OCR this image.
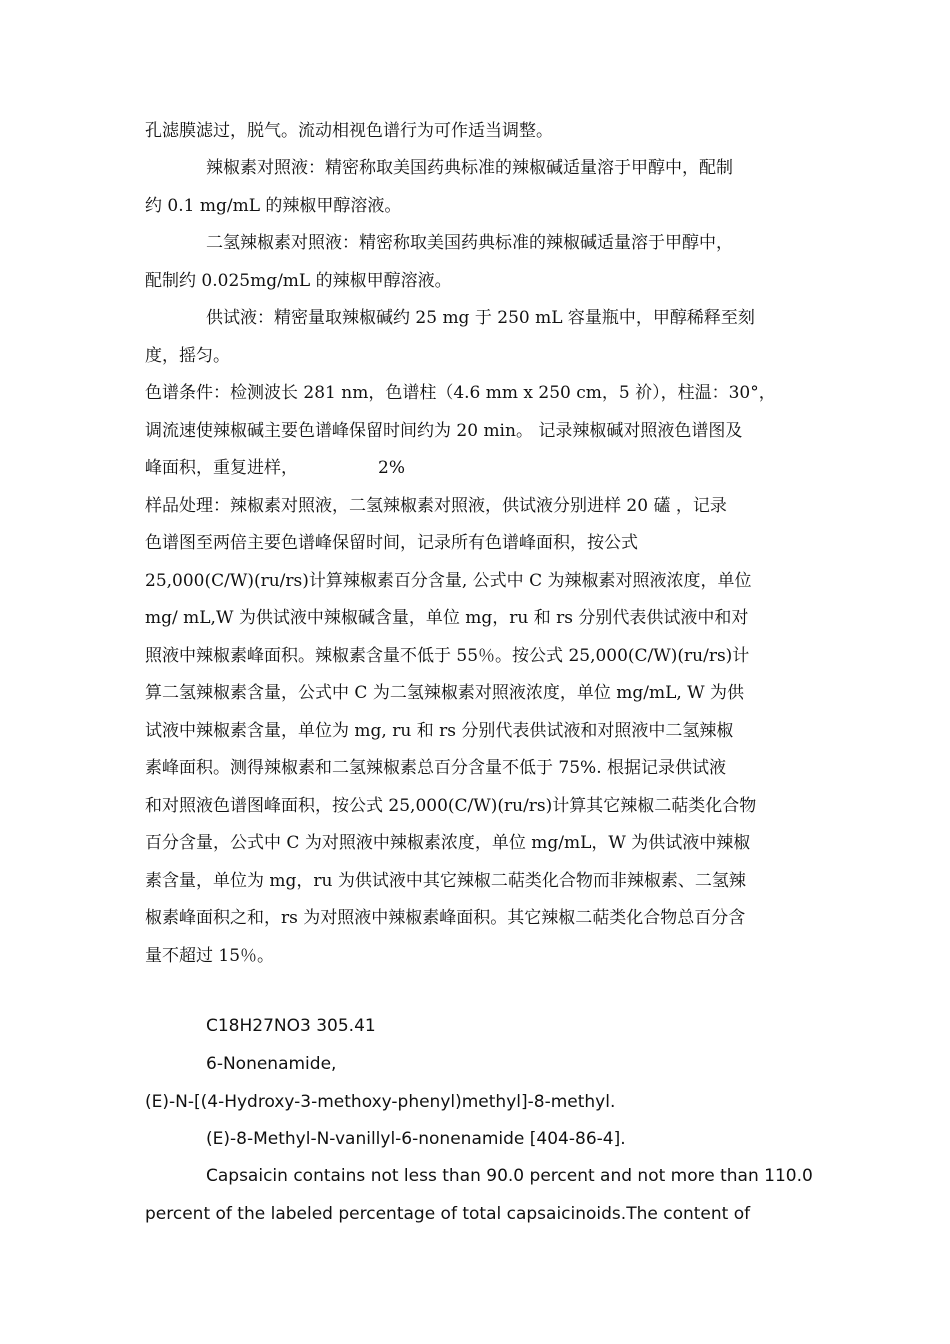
孔滤膜滤过，脱气。流动相视色谱行为可作适当调整。
辣椒素对照液：精密称取美国药典标准的辣椒碱适量溶于甲醇中，配制
约 0.1 mg/mL 的辣椒甲醇溶液。
二氢辣椒素对照液：精密称取美国药典标准的辣椒碱适量溶于甲醇中，
配制约 0.025mg/mL 的辣椒甲醇溶液。
供试液：精密量取辣椒碱约 25 mg 于 250 mL 容量瓶中，甲醇稀释至刻
度，摇匀。
色谱条件：检测波长 281 nm，色谱柱（4.6 mm x 250 cm，5 祄），柱温：30°，
调流速使辣椒碱主要色谱峰保留时间约为 20 min。 记录辣椒碱对照液色谱图及
峰面积，重复进样，	2%
样品处理：辣椒素对照液，二氢辣椒素对照液，供试液分别进样 20 礚 ，记录
色谱图至两倍主要色谱峰保留时间，记录所有色谱峰面积，按公式
25,000(C/W)(ru/rs)计算辣椒素百分含量, 公式中 C 为辣椒素对照液浓度，单位
mg/ mL,W 为供试液中辣椒碱含量，单位 mg，ru 和 rs 分别代表供试液中和对
照液中辣椒素峰面积。辣椒素含量不低于 55％。按公式 25,000(C/W)(ru/rs)计
算二氢辣椒素含量，公式中 C 为二氢辣椒素对照液浓度，单位 mg/mL, W 为供
试液中辣椒素含量，单位为 mg, ru 和 rs 分别代表供试液和对照液中二氢辣椒
素峰面积。测得辣椒素和二氢辣椒素总百分含量不低于 75%. 根据记录供试液
和对照液色谱图峰面积，按公式 25,000(C/W)(ru/rs)计算其它辣椒二萜类化合物
百分含量，公式中 C 为对照液中辣椒素浓度，单位 mg/mL，W 为供试液中辣椒
素含量，单位为 mg，ru 为供试液中其它辣椒二萜类化合物而非辣椒素、二氢辣
椒素峰面积之和，rs 为对照液中辣椒素峰面积。其它辣椒二萜类化合物总百分含
量不超过 15％。
C18H27NO3 305.41
6-Nonenamide,
(E)-N-[(4-Hydroxy-3-methoxy-phenyl)methyl]-8-methyl.
(E)-8-Methyl-N-vanillyl-6-nonenamide [404-86-4].
Capsaicin contains not less than 90.0 percent and not more than 110.0
percent of the labeled percentage of total capsaicinoids.The content of
